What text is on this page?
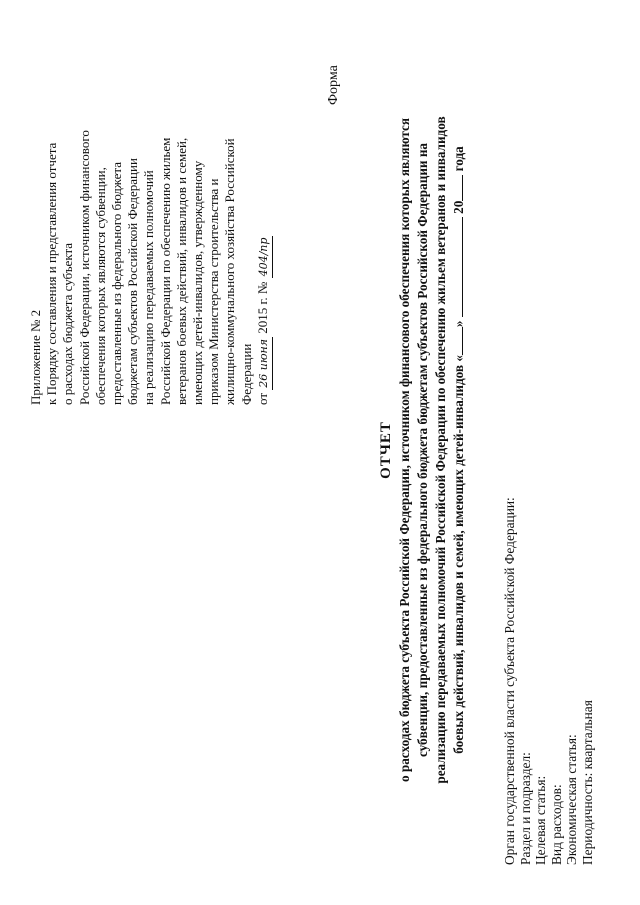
Приложение № 2 к Порядку составления и представления отчета о расходах бюджета субъекта Российской Федерации, источником финансового обеспечения которых являются субвенции, предоставленные из федерального бюджета бюджетам субъектов Российской Федерации на реализацию передаваемых полномочий Российской Федерации по обеспечению жильем ветеранов боевых действий, инвалидов и семей, имеющих детей-инвалидов, утвержденному приказом Министерства строительства и жилищно-коммунального хозяйства Российской Федерации от 26 июня 2015 г. № 404/пр
Форма
ОТЧЕТ о расходах бюджета субъекта Российской Федерации, источником финансового обеспечения которых являются субвенции, предоставленные из федерального бюджета бюджетам субъектов Российской Федерации на реализацию передаваемых полномочий Российской Федерации по обеспечению жильем ветеранов и инвалидов боевых действий, инвалидов и семей, имеющих детей-инвалидов «»  20 года
Орган государственной власти субъекта Российской Федерации: Раздел и подраздел: Целевая статья: Вид расходов: Экономическая статья: Периодичность: квартальная
